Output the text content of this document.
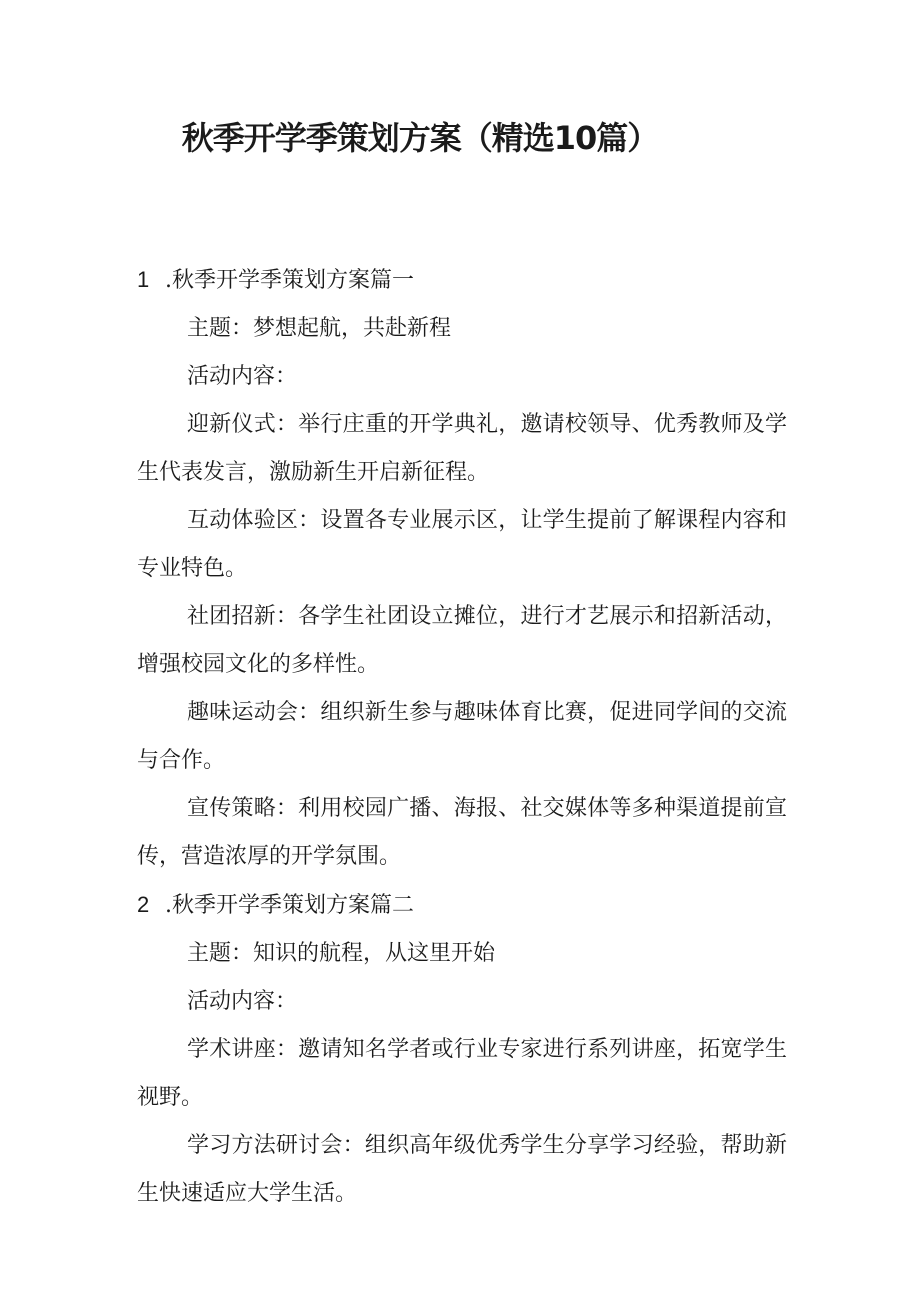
秋季开学季策划方案（精选10篇）

1 .秋季开学季策划方案篇一

主题：梦想起航，共赴新程

活动内容：

迎新仪式：举行庄重的开学典礼，邀请校领导、优秀教师及学生代表发言，激励新生开启新征程。

互动体验区：设置各专业展示区，让学生提前了解课程内容和专业特色。

社团招新：各学生社团设立摊位，进行才艺展示和招新活动，增强校园文化的多样性。

趣味运动会：组织新生参与趣味体育比赛，促进同学间的交流与合作。

宣传策略：利用校园广播、海报、社交媒体等多种渠道提前宣传，营造浓厚的开学氛围。

2 .秋季开学季策划方案篇二

主题：知识的航程，从这里开始

活动内容：

学术讲座：邀请知名学者或行业专家进行系列讲座，拓宽学生视野。

学习方法研讨会：组织高年级优秀学生分享学习经验，帮助新生快速适应大学生活。
